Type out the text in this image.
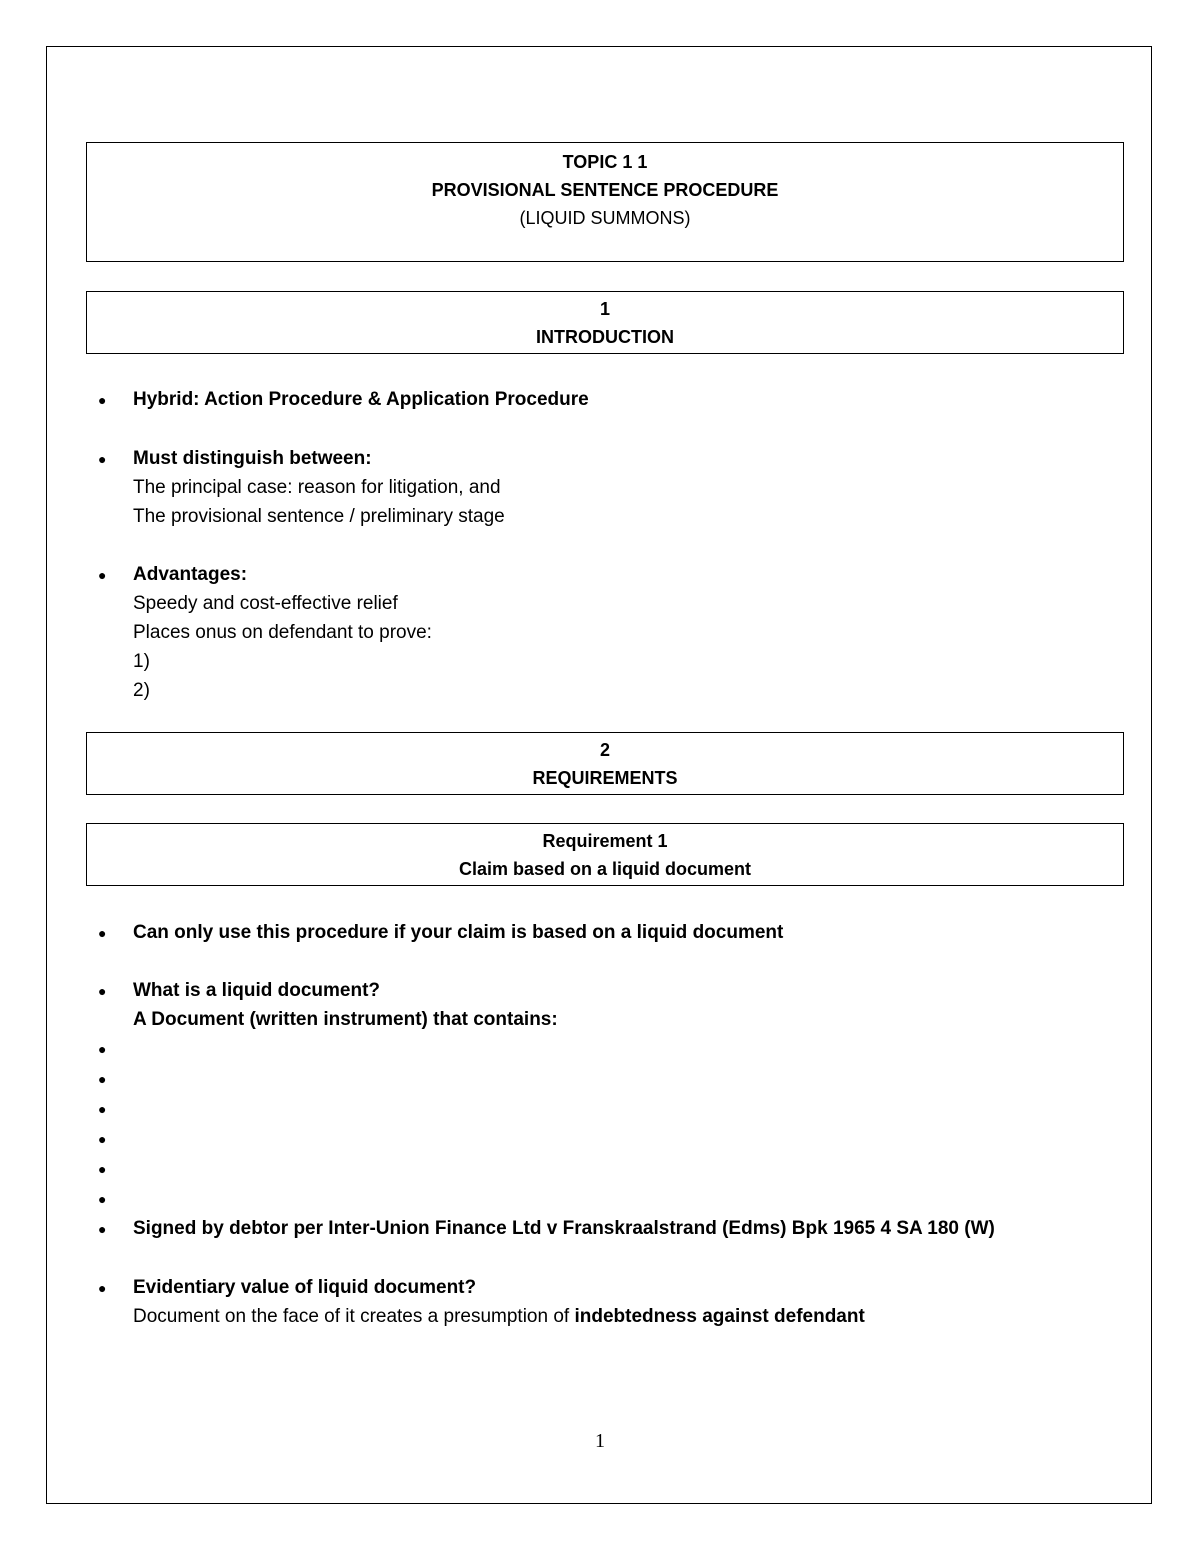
TOPIC 1 1
PROVISIONAL SENTENCE PROCEDURE
(LIQUID SUMMONS)
1
INTRODUCTION
● Hybrid: Action Procedure & Application Procedure
● Must distinguish between:
The principal case: reason for litigation, and
The provisional sentence / preliminary stage
● Advantages:
Speedy and cost-effective relief
Places onus on defendant to prove:
1)
2)
2
REQUIREMENTS
Requirement 1
Claim based on a liquid document
● Can only use this procedure if your claim is based on a liquid document
● What is a liquid document?
A Document (written instrument) that contains:
●
●
●
●
●
●
● Signed by debtor per Inter-Union Finance Ltd v Franskraalstrand (Edms) Bpk 1965 4 SA 180 (W)
● Evidentiary value of liquid document?
Document on the face of it creates a presumption of indebtedness against defendant
1
